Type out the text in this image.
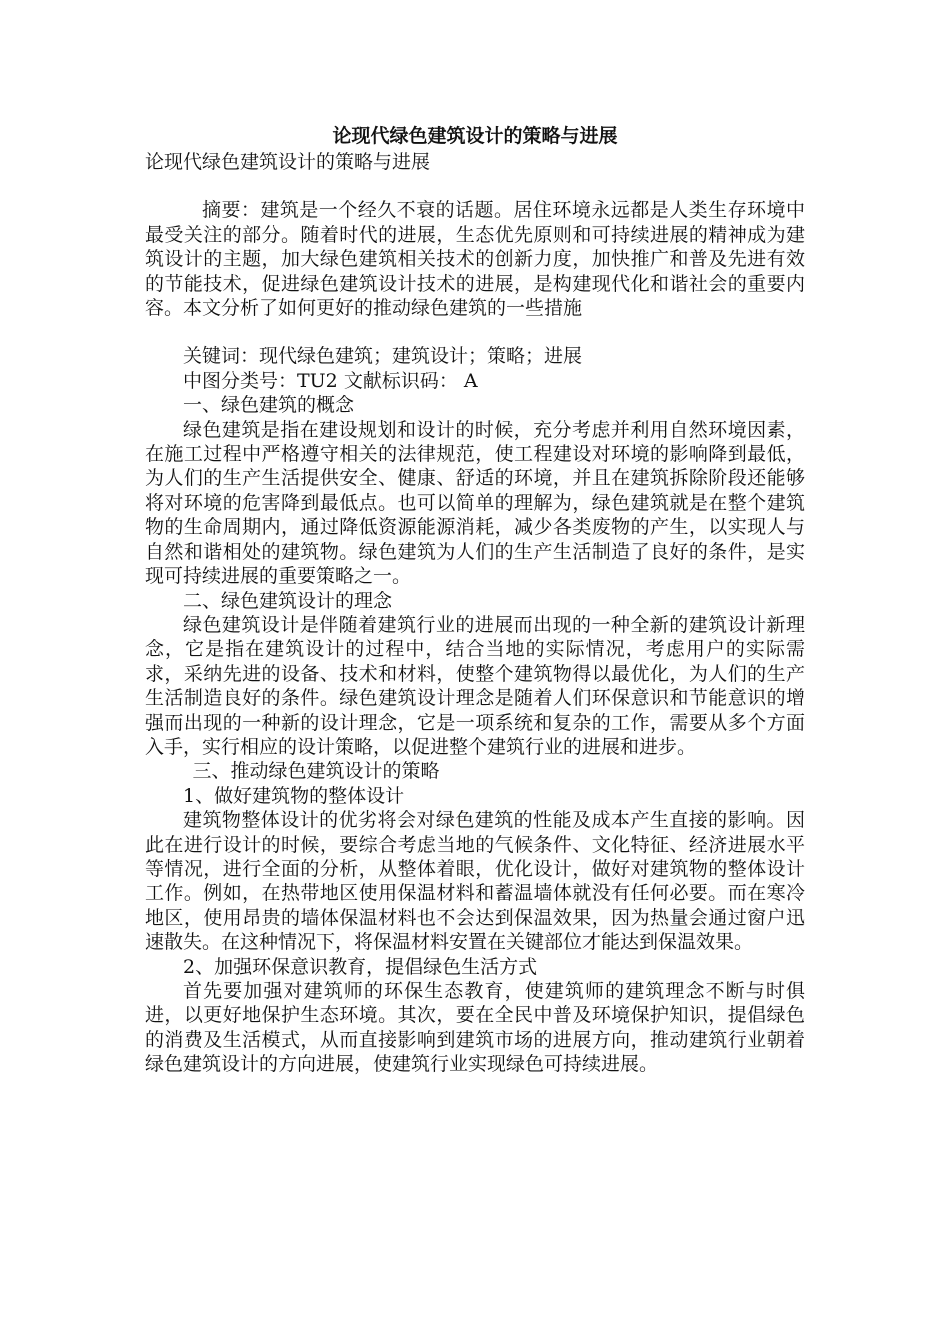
论现代绿色建筑设计的策略与进展

论现代绿色建筑设计的策略与进展

摘要：建筑是一个经久不衰的话题。居住环境永远都是人类生存环境中最受关注的部分。随着时代的进展，生态优先原则和可持续进展的精神成为建筑设计的主题，加大绿色建筑相关技术的创新力度，加快推广和普及先进有效的节能技术，促进绿色建筑设计技术的进展，是构建现代化和谐社会的重要内容。本文分析了如何更好的推动绿色建筑的一些措施

关键词：现代绿色建筑；建筑设计；策略；进展

中图分类号：TU2 文献标识码： A

一、绿色建筑的概念

绿色建筑是指在建设规划和设计的时候，充分考虑并利用自然环境因素，在施工过程中严格遵守相关的法律规范，使工程建设对环境的影响降到最低，为人们的生产生活提供安全、健康、舒适的环境，并且在建筑拆除阶段还能够将对环境的危害降到最低点。也可以简单的理解为，绿色建筑就是在整个建筑物的生命周期内，通过降低资源能源消耗，减少各类废物的产生，以实现人与自然和谐相处的建筑物。绿色建筑为人们的生产生活制造了良好的条件，是实现可持续进展的重要策略之一。

二、绿色建筑设计的理念

绿色建筑设计是伴随着建筑行业的进展而出现的一种全新的建筑设计新理念，它是指在建筑设计的过程中，结合当地的实际情况，考虑用户的实际需求，采纳先进的设备、技术和材料，使整个建筑物得以最优化，为人们的生产生活制造良好的条件。绿色建筑设计理念是随着人们环保意识和节能意识的增强而出现的一种新的设计理念，它是一项系统和复杂的工作，需要从多个方面入手，实行相应的设计策略，以促进整个建筑行业的进展和进步。

三、推动绿色建筑设计的策略

1、做好建筑物的整体设计

建筑物整体设计的优劣将会对绿色建筑的性能及成本产生直接的影响。因此在进行设计的时候，要综合考虑当地的气候条件、文化特征、经济进展水平等情况，进行全面的分析，从整体着眼，优化设计，做好对建筑物的整体设计工作。例如，在热带地区使用保温材料和蓄温墙体就没有任何必要。而在寒冷地区，使用昂贵的墙体保温材料也不会达到保温效果，因为热量会通过窗户迅速散失。在这种情况下，将保温材料安置在关键部位才能达到保温效果。

2、加强环保意识教育，提倡绿色生活方式

首先要加强对建筑师的环保生态教育，使建筑师的建筑理念不断与时俱进，以更好地保护生态环境。其次，要在全民中普及环境保护知识，提倡绿色的消费及生活模式，从而直接影响到建筑市场的进展方向，推动建筑行业朝着绿色建筑设计的方向进展，使建筑行业实现绿色可持续进展。
